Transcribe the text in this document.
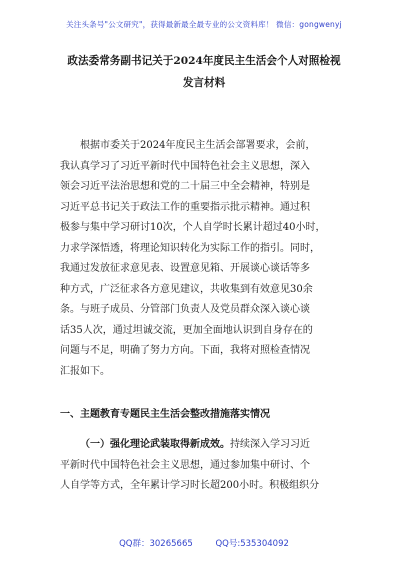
关注头条号"公文研究"，获得最新最全最专业的公文资料库！ 微信：gongwenyj
政法委常务副书记关于2024年度民主生活会个人对照检视
发言材料
根据市委关于2024年度民主生活会部署要求，会前，
我认真学习了习近平新时代中国特色社会主义思想，深入
领会习近平法治思想和党的二十届三中全会精神，特别是
习近平总书记关于政法工作的重要指示批示精神。通过积
极参与集中学习研讨10次，个人自学时长累计超过40小时，
力求学深悟透，将理论知识转化为实际工作的指引。同时，
我通过发放征求意见表、设置意见箱、开展谈心谈话等多
种方式，广泛征求各方意见建议，共收集到有效意见30余
条。与班子成员、分管部门负责人及党员群众深入谈心谈
话35人次，通过坦诚交流，更加全面地认识到自身存在的
问题与不足，明确了努力方向。下面，我将对照检查情况
汇报如下。
一、主题教育专题民主生活会整改措施落实情况
（一）强化理论武装取得新成效。持续深入学习习近
平新时代中国特色社会主义思想，通过参加集中研讨、个
人自学等方式，全年累计学习时长超200小时。积极组织分
QQ群：30265665	QQ号:535304092
